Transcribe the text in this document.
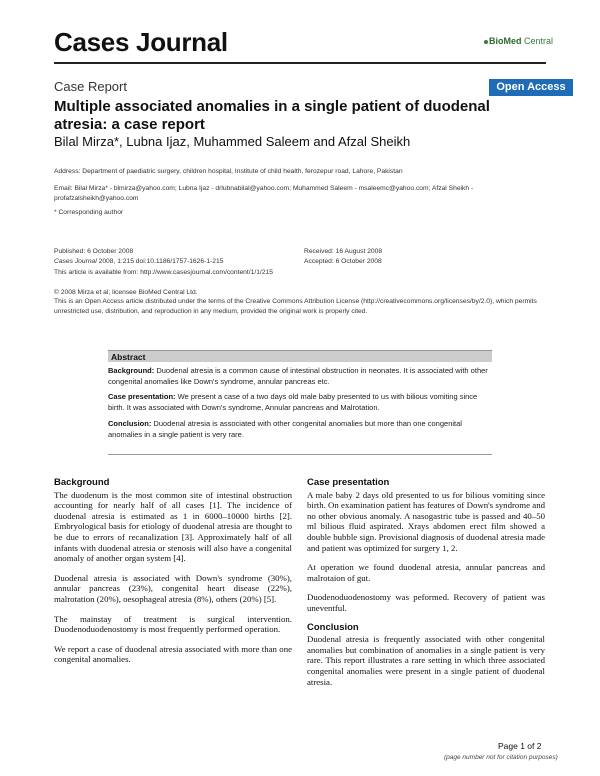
Cases Journal	BioMed Central
Case Report	Open Access
Multiple associated anomalies in a single patient of duodenal atresia: a case report
Bilal Mirza*, Lubna Ijaz, Muhammed Saleem and Afzal Sheikh
Address: Department of paediatric surgery, children hospital, Institute of child health, ferozepur road, Lahore, Pakistan
Email: Bilal Mirza* - blmirza@yahoo.com; Lubna Ijaz - drlubnabilal@yahoo.com; Muhammed Saleem - msaleemc@yahoo.com; Afzal Sheikh - profafzalsheikh@yahoo.com
* Corresponding author
Published: 6 October 2008	Received: 16 August 2008
Cases Journal 2008, 1:215 doi:10.1186/1757-1626-1-215	Accepted: 6 October 2008
This article is available from: http://www.casesjournal.com/content/1/1/215
© 2008 Mirza et al; licensee BioMed Central Ltd.
This is an Open Access article distributed under the terms of the Creative Commons Attribution License (http://creativecommons.org/licenses/by/2.0), which permits unrestricted use, distribution, and reproduction in any medium, provided the original work is properly cited.
Abstract
Background: Duodenal atresia is a common cause of intestinal obstruction in neonates. It is associated with other congenital anomalies like Down's syndrome, annular pancreas etc.
Case presentation: We present a case of a two days old male baby presented to us with bilious vomiting since birth. It was associated with Down's syndrome, Annular pancreas and Malrotation.
Conclusion: Duodenal atresia is associated with other congenital anomalies but more than one congenital anomalies in a single patient is very rare.
Background

The duodenum is the most common site of intestinal obstruction accounting for nearly half of all cases [1]. The incidence of duodenal atresia is estimated as 1 in 6000–10000 births [2]. Embryological basis for etiology of duodenal atresia are thought to be due to errors of recanalization [3]. Approximately half of all infants with duodenal atresia or stenosis will also have a congenital anomaly of another organ system [4].

Duodenal atresia is associated with Down's syndrome (30%), annular pancreas (23%), congenital heart disease (22%), malrotation (20%), oesophageal atresia (8%), others (20%) [5].

The mainstay of treatment is surgical intervention. Duodenoduodenostomy is most frequently performed operation.

We report a case of duodenal atresia associated with more than one congenital anomalies.

Case presentation

A male baby 2 days old presented to us for bilious vomiting since birth. On examination patient has features of Down's syndrome and no other obvious anomaly. A nasogastric tube is passed and 40–50 ml bilious fluid aspirated. Xrays abdomen erect film showed a double bubble sign. Provisional diagnosis of duodenal atresia made and patient was optimized for surgery 1, 2.

At operation we found duodenal atresia, annular pancreas and malrotaion of gut.

Duodenoduodenostomy was peformed. Recovery of patient was uneventful.

Conclusion

Duodenal atresia is frequently associated with other congenital anomalies but combination of anomalies in a single patient is very rare. This report illustrates a rare setting in which three associated congenital anomalies were present in a single patient of duodenal atresia.

Page 1 of 2
(page number not for citation purposes)
